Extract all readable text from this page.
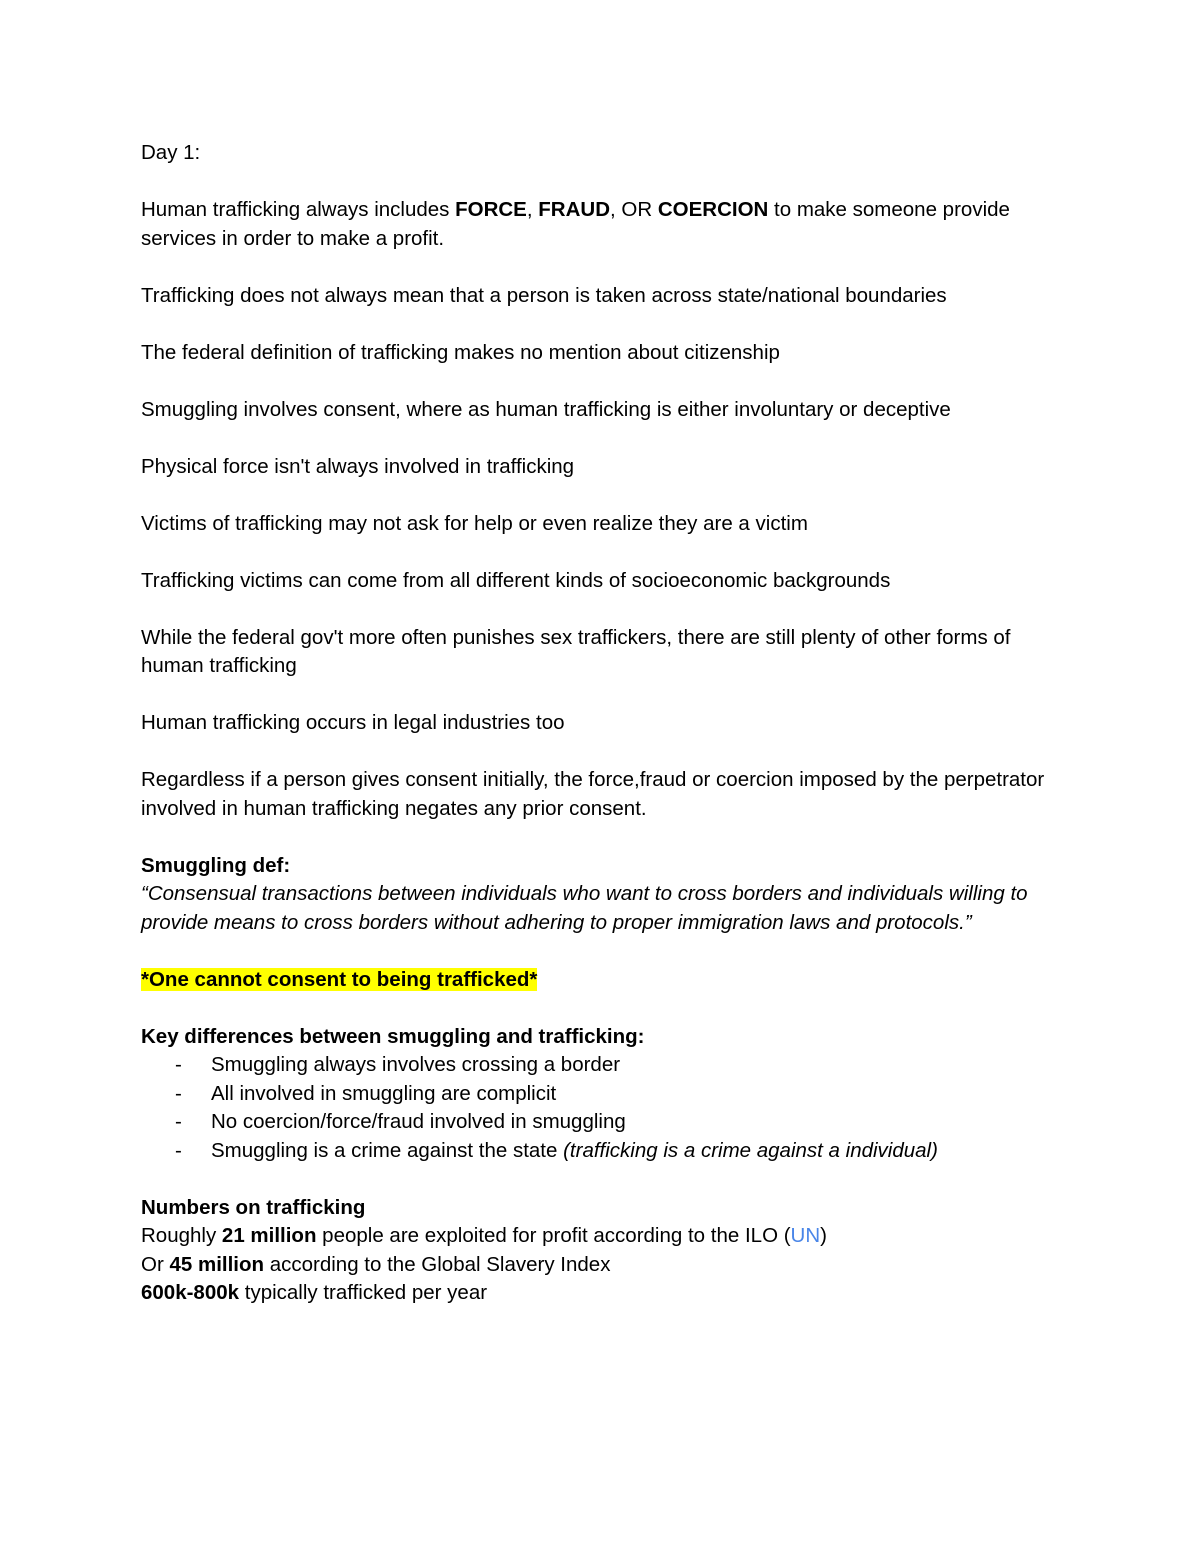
Day 1:

Human trafficking always includes FORCE, FRAUD, OR COERCION to make someone provide services in order to make a profit.

Trafficking does not always mean that a person is taken across state/national boundaries

The federal definition of trafficking makes no mention about citizenship

Smuggling involves consent, where as human trafficking is either involuntary or deceptive

Physical force isn't always involved in trafficking

Victims of trafficking may not ask for help or even realize they are a victim

Trafficking victims can come from all different kinds of socioeconomic backgrounds

While the federal gov't more often punishes sex traffickers, there are still plenty of other forms of human trafficking

Human trafficking occurs in legal industries too

Regardless if a person gives consent initially, the force,fraud or coercion imposed by the perpetrator involved in human trafficking negates any prior consent.

Smuggling def:

“Consensual transactions between individuals who want to cross borders and individuals willing to provide means to cross borders without adhering to proper immigration laws and protocols.”

*One cannot consent to being trafficked*

Key differences between smuggling and trafficking:

- Smuggling always involves crossing a border
- All involved in smuggling are complicit
- No coercion/force/fraud involved in smuggling
- Smuggling is a crime against the state (trafficking is a crime against a individual)

Numbers on trafficking

Roughly 21 million people are exploited for profit according to the ILO (UN)

Or 45 million according to the Global Slavery Index

600k-800k typically trafficked per year
